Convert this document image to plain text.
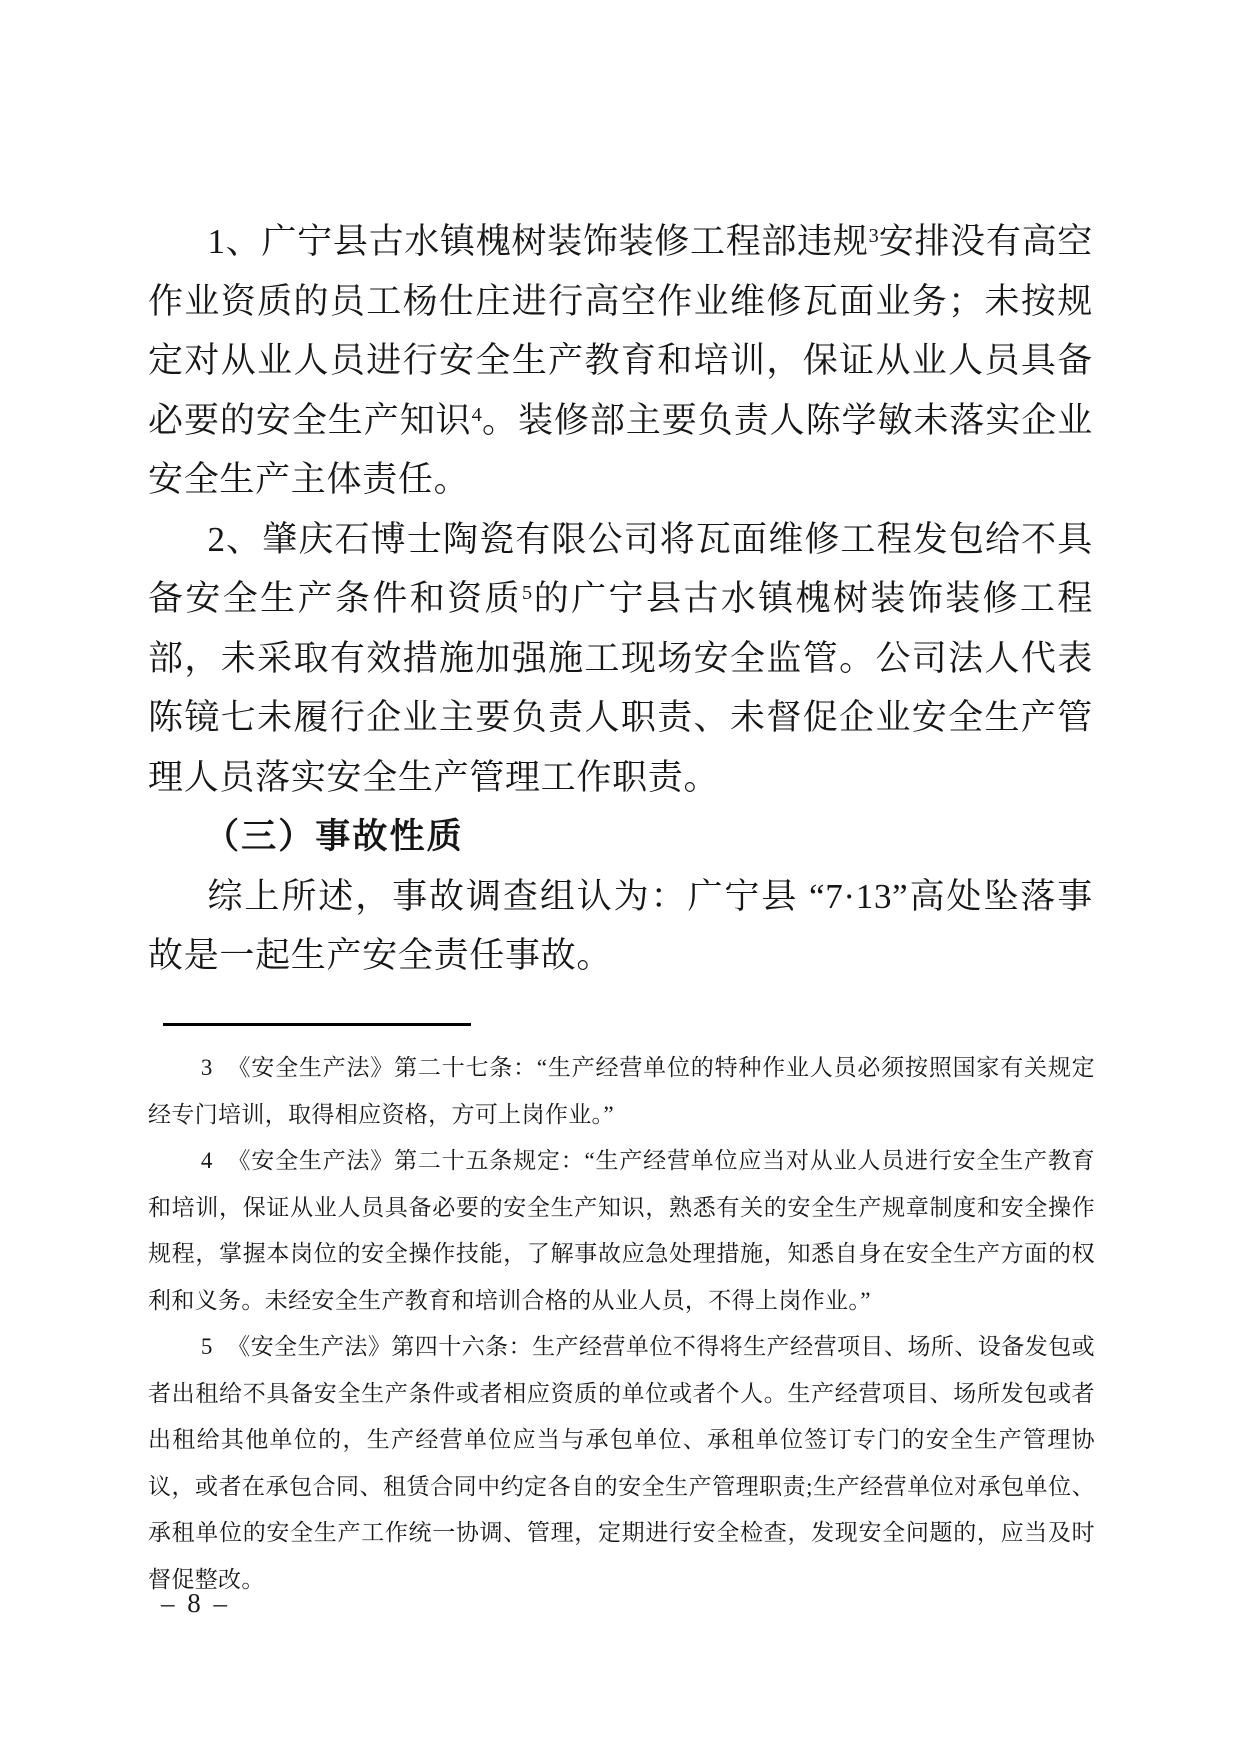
1、广宁县古水镇槐树装饰装修工程部违规$^3$安排没有高空作业资质的员工杨仕庄进行高空作业维修瓦面业务；未按规定对从业人员进行安全生产教育和培训，保证从业人员具备必要的安全生产知识$^4$。装修部主要负责人陈学敏未落实企业安全生产主体责任。

2、肇庆石博士陶瓷有限公司将瓦面维修工程发包给不具备安全生产条件和资质$^5$的广宁县古水镇槐树装饰装修工程部，未采取有效措施加强施工现场安全监管。公司法人代表陈镜七未履行企业主要负责人职责、未督促企业安全生产管理人员落实安全生产管理工作职责。

（三）事故性质

综上所述，事故调查组认为：广宁县 “7·13”高处坠落事故是一起生产安全责任事故。

3 《安全生产法》第二十七条：“生产经营单位的特种作业人员必须按照国家有关规定经专门培训，取得相应资格，方可上岗作业。”

4 《安全生产法》第二十五条规定：“生产经营单位应当对从业人员进行安全生产教育和培训，保证从业人员具备必要的安全生产知识，熟悉有关的安全生产规章制度和安全操作规程，掌握本岗位的安全操作技能，了解事故应急处理措施，知悉自身在安全生产方面的权利和义务。未经安全生产教育和培训合格的从业人员，不得上岗作业。”

5 《安全生产法》第四十六条：生产经营单位不得将生产经营项目、场所、设备发包或者出租给不具备安全生产条件或者相应资质的单位或者个人。生产经营项目、场所发包或者出租给其他单位的，生产经营单位应当与承包单位、承租单位签订专门的安全生产管理协议，或者在承包合同、租赁合同中约定各自的安全生产管理职责;生产经营单位对承包单位、承租单位的安全生产工作统一协调、管理，定期进行安全检查，发现安全问题的，应当及时督促整改。

– 8 –
